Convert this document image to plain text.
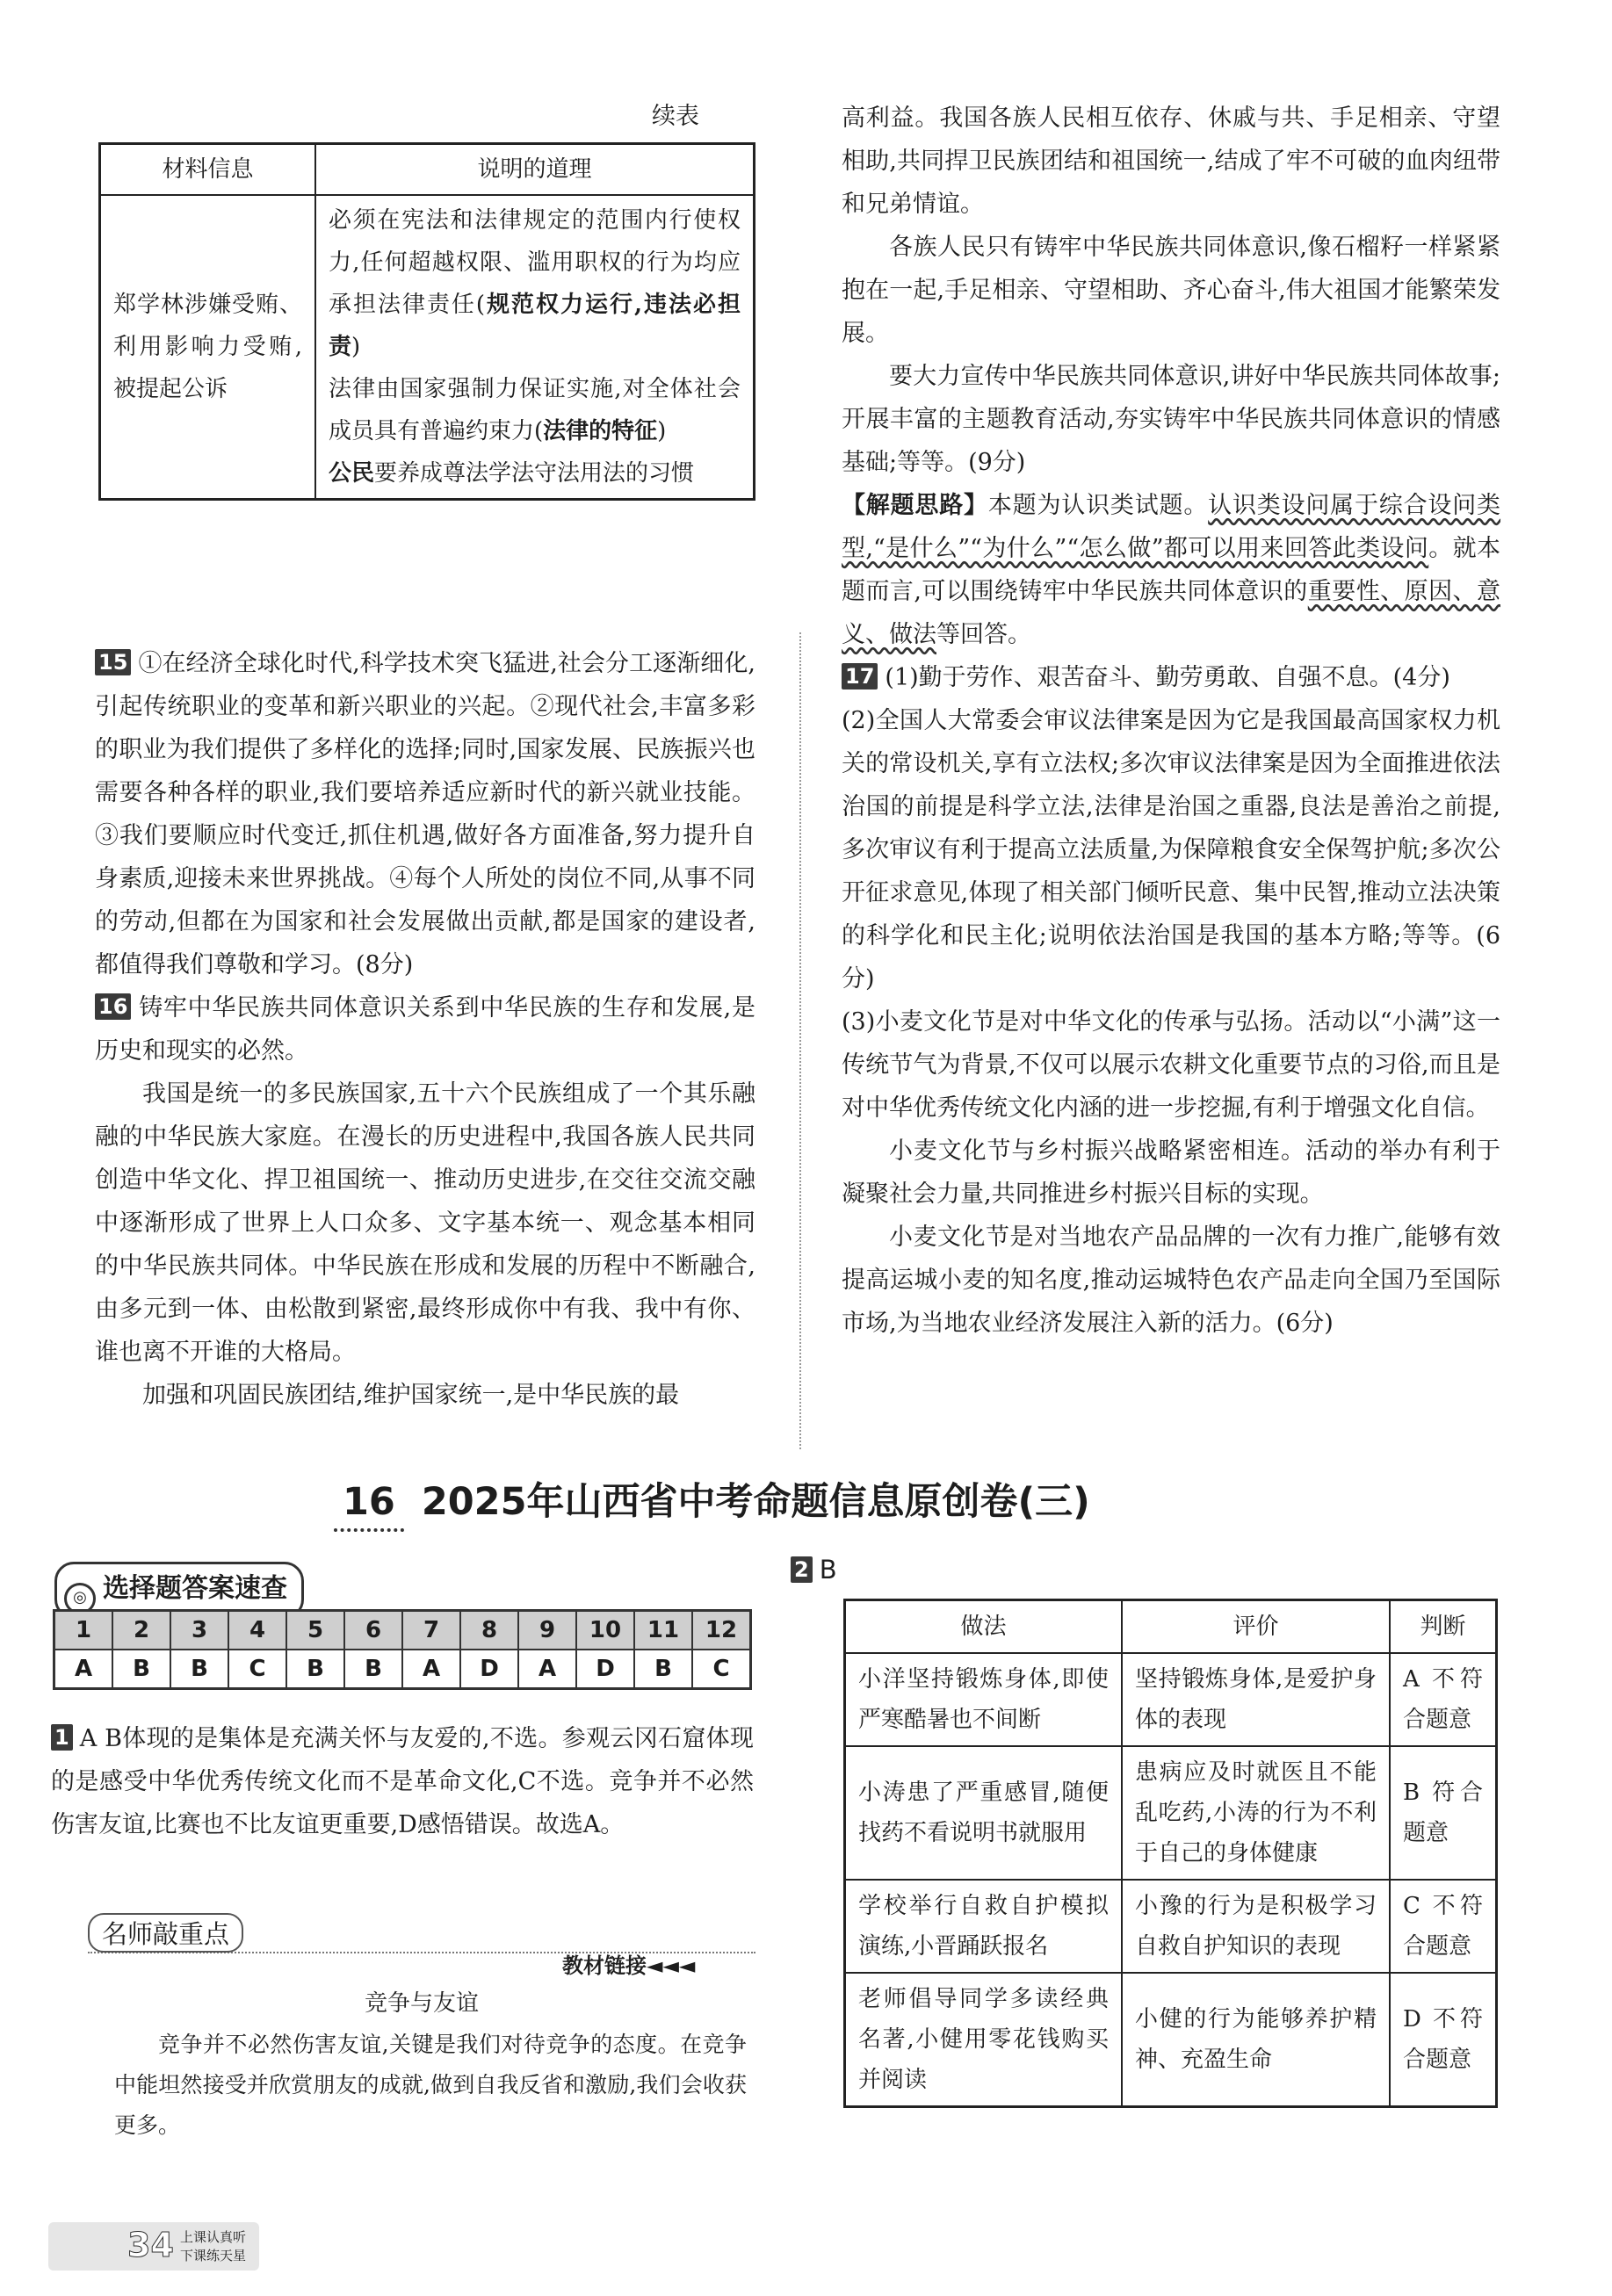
续表
材料信息	说明的道理
郑学林涉嫌受贿、利用影响力受贿,被提起公诉	必须在宪法和法律规定的范围内行使权力,任何超越权限、滥用职权的行为均应承担法律责任(规范权力运行,违法必担责)
法律由国家强制力保证实施,对全体社会成员具有普遍约束力(法律的特征)
公民要养成尊法学法守法用法的习惯

15 ①在经济全球化时代,科学技术突飞猛进,社会分工逐渐细化,引起传统职业的变革和新兴职业的兴起。②现代社会,丰富多彩的职业为我们提供了多样化的选择;同时,国家发展、民族振兴也需要各种各样的职业,我们要培养适应新时代的新兴就业技能。③我们要顺应时代变迁,抓住机遇,做好各方面准备,努力提升自身素质,迎接未来世界挑战。④每个人所处的岗位不同,从事不同的劳动,但都在为国家和社会发展做出贡献,都是国家的建设者,都值得我们尊敬和学习。(8分)

16 铸牢中华民族共同体意识关系到中华民族的生存和发展,是历史和现实的必然。

我国是统一的多民族国家,五十六个民族组成了一个其乐融融的中华民族大家庭。在漫长的历史进程中,我国各族人民共同创造中华文化、捍卫祖国统一、推动历史进步,在交往交流交融中逐渐形成了世界上人口众多、文字基本统一、观念基本相同的中华民族共同体。中华民族在形成和发展的历程中不断融合,由多元到一体、由松散到紧密,最终形成你中有我、我中有你、谁也离不开谁的大格局。

加强和巩固民族团结,维护国家统一,是中华民族的最

高利益。我国各族人民相互依存、休戚与共、手足相亲、守望相助,共同捍卫民族团结和祖国统一,结成了牢不可破的血肉纽带和兄弟情谊。

各族人民只有铸牢中华民族共同体意识,像石榴籽一样紧紧抱在一起,手足相亲、守望相助、齐心奋斗,伟大祖国才能繁荣发展。

要大力宣传中华民族共同体意识,讲好中华民族共同体故事;开展丰富的主题教育活动,夯实铸牢中华民族共同体意识的情感基础;等等。(9分)

【解题思路】本题为认识类试题。认识类设问属于综合设问类型,“是什么”“为什么”“怎么做”都可以用来回答此类设问。就本题而言,可以围绕铸牢中华民族共同体意识的重要性、原因、意义、做法等回答。

17 (1)勤于劳作、艰苦奋斗、勤劳勇敢、自强不息。(4分)

(2)全国人大常委会审议法律案是因为它是我国最高国家权力机关的常设机关,享有立法权;多次审议法律案是因为全面推进依法治国的前提是科学立法,法律是治国之重器,良法是善治之前提,多次审议有利于提高立法质量,为保障粮食安全保驾护航;多次公开征求意见,体现了相关部门倾听民意、集中民智,推动立法决策的科学化和民主化;说明依法治国是我国的基本方略;等等。(6分)

(3)小麦文化节是对中华文化的传承与弘扬。活动以“小满”这一传统节气为背景,不仅可以展示农耕文化重要节点的习俗,而且是对中华优秀传统文化内涵的进一步挖掘,有利于增强文化自信。

小麦文化节与乡村振兴战略紧密相连。活动的举办有利于凝聚社会力量,共同推进乡村振兴目标的实现。

小麦文化节是对当地农产品品牌的一次有力推广,能够有效提高运城小麦的知名度,推动运城特色农产品走向全国乃至国际市场,为当地农业经济发展注入新的活力。(6分)

16 2025年山西省中考命题信息原创卷(三)
◎ 选择题答案速查
1	2	3	4	5	6	7	8	9	10	11	12
A	B	B	C	B	B	A	D	A	D	B	C

1 A B体现的是集体是充满关怀与友爱的,不选。参观云冈石窟体现的是感受中华优秀传统文化而不是革命文化,C不选。竞争并不必然伤害友谊,比赛也不比友谊更重要,D感悟错误。故选A。

名师敲重点
教材链接◄◄◄
竞争与友谊
竞争并不必然伤害友谊,关键是我们对待竞争的态度。在竞争中能坦然接受并欣赏朋友的成就,做到自我反省和激励,我们会收获更多。
2 B
做法	评价	判断
小洋坚持锻炼身体,即使严寒酷暑也不间断	坚持锻炼身体,是爱护身体的表现	A 不符合题意
小涛患了严重感冒,随便找药不看说明书就服用	患病应及时就医且不能乱吃药,小涛的行为不利于自己的身体健康	B 符合题意
学校举行自救自护模拟演练,小晋踊跃报名	小豫的行为是积极学习自救自护知识的表现	C 不符合题意
老师倡导同学多读经典名著,小健用零花钱购买并阅读	小健的行为能够养护精神、充盈生命	D 不符合题意
34 上课认真听
下课练天星
